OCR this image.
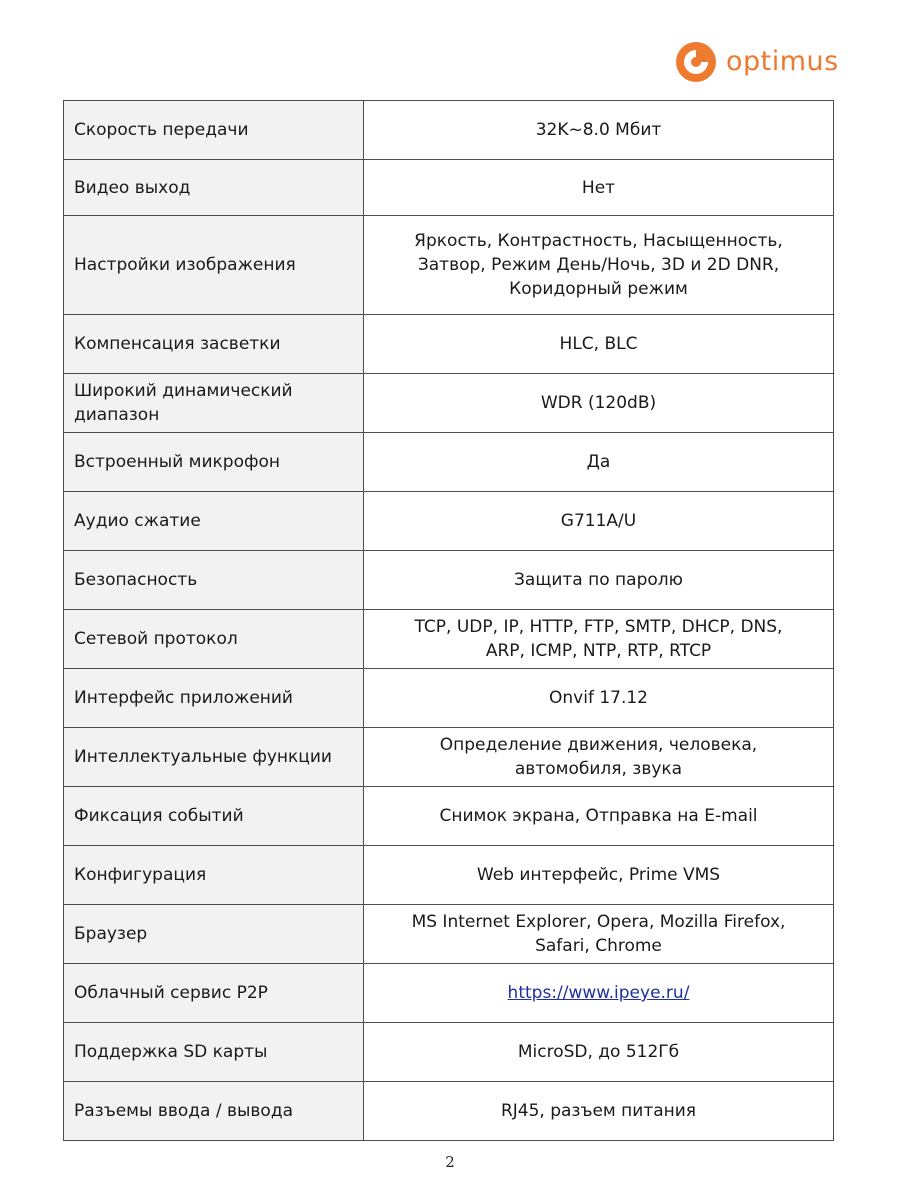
optimus
Скорость передачи	32K~8.0 Мбит
Видео выход	Нет
Настройки изображения	Яркость, Контрастность, Насыщенность,
Затвор, Режим День/Ночь, 3D и 2D DNR,
Коридорный режим
Компенсация засветки	HLC, BLC
Широкий динамический
диапазон	WDR (120dB)
Встроенный микрофон	Да
Аудио сжатие	G711A/U
Безопасность	Защита по паролю
Сетевой протокол	TCP, UDP, IP, HTTP, FTP, SMTP, DHCP, DNS,
ARP, ICMP, NTP, RTP, RTCP
Интерфейс приложений	Onvif 17.12
Интеллектуальные функции	Определение движения, человека,
автомобиля, звука
Фиксация событий	Снимок экрана, Отправка на E-mail
Конфигурация	Web интерфейс, Prime VMS
Браузер	MS Internet Explorer, Opera, Mozilla Firefox,
Safari, Chrome
Облачный сервис P2P	https://www.ipeye.ru/
Поддержка SD карты	MicroSD, до 512Гб
Разъемы ввода / вывода	RJ45, разъем питания
2
